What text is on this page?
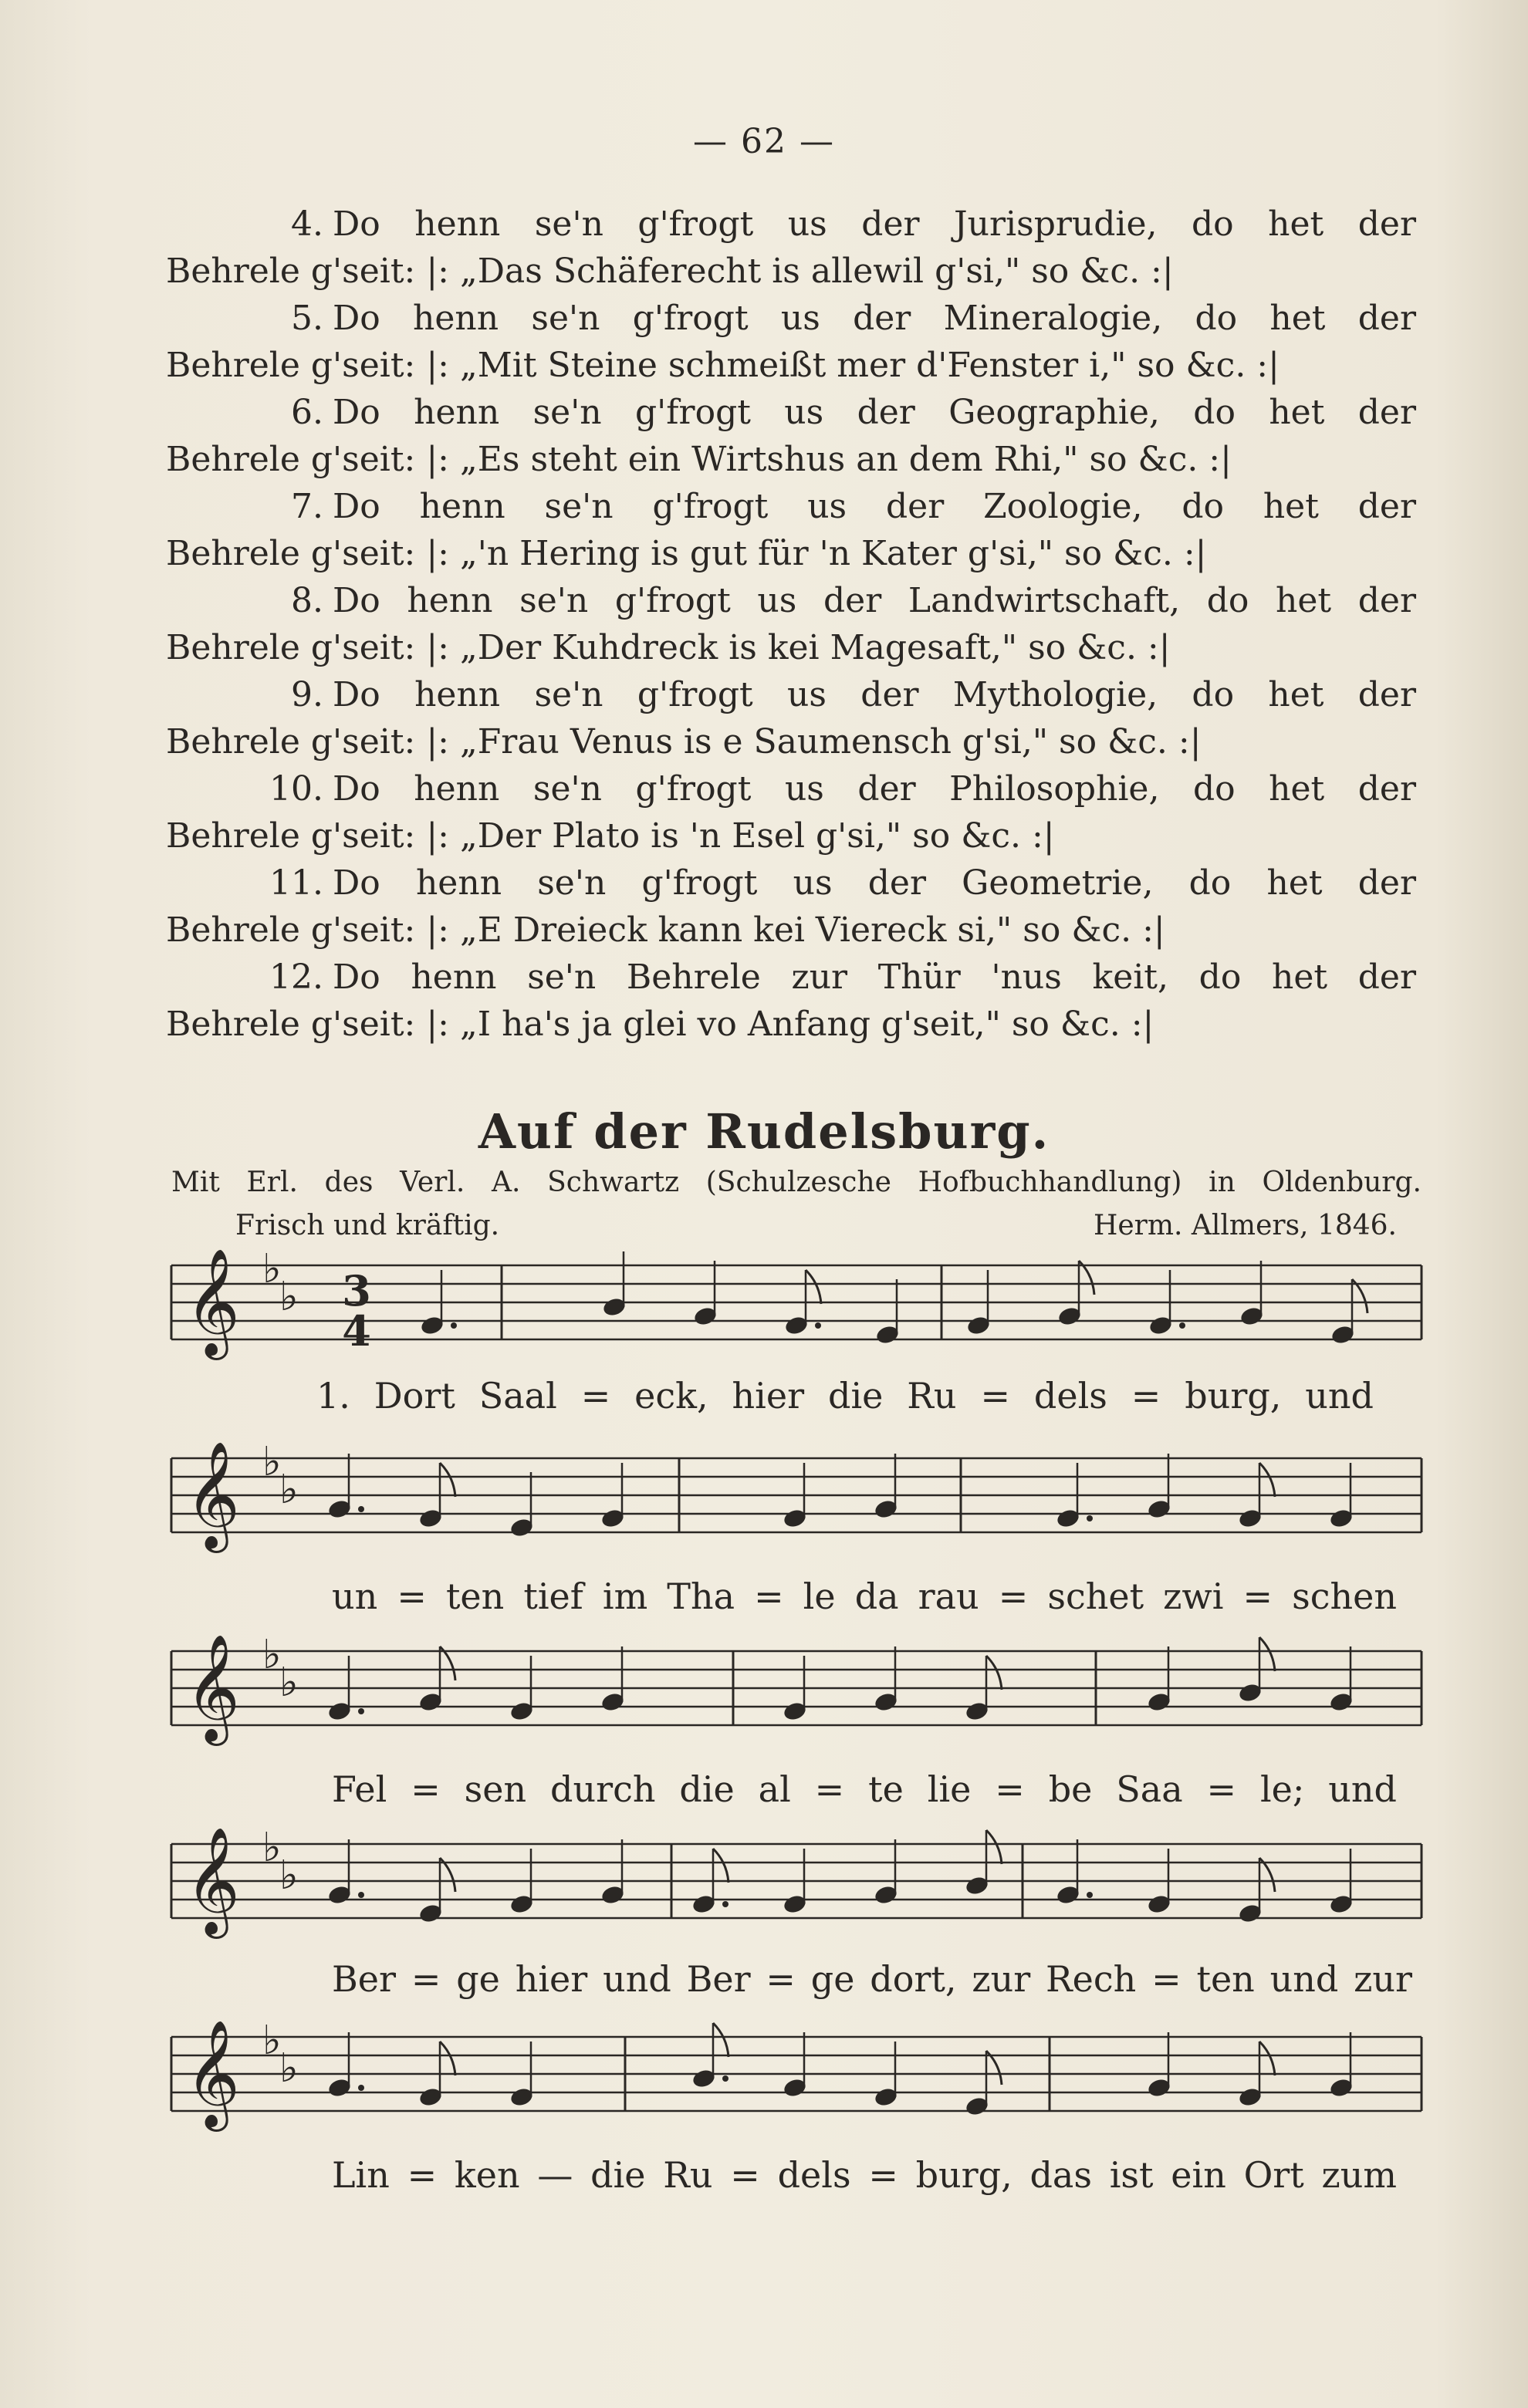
— 62 —
4. Do henn se'n g'frogt us der Jurisprudie, do het der
Behrele g'seit: |: „Das Schäferecht is allewil g'si," so &c. :|
5. Do henn se'n g'frogt us der Mineralogie, do het der
Behrele g'seit: |: „Mit Steine schmeißt mer d'Fenster i," so &c. :|
6. Do henn se'n g'frogt us der Geographie, do het der
Behrele g'seit: |: „Es steht ein Wirtshus an dem Rhi," so &c. :|
7. Do henn se'n g'frogt us der Zoologie, do het der
Behrele g'seit: |: „'n Hering is gut für 'n Kater g'si," so &c. :|
8. Do henn se'n g'frogt us der Landwirtschaft, do het der
Behrele g'seit: |: „Der Kuhdreck is kei Magesaft," so &c. :|
9. Do henn se'n g'frogt us der Mythologie, do het der
Behrele g'seit: |: „Frau Venus is e Saumensch g'si," so &c. :|
10. Do henn se'n g'frogt us der Philosophie, do het der
Behrele g'seit: |: „Der Plato is 'n Esel g'si," so &c. :|
11. Do henn se'n g'frogt us der Geometrie, do het der
Behrele g'seit: |: „E Dreieck kann kei Viereck si," so &c. :|
12. Do henn se'n Behrele zur Thür 'nus keit, do het der
Behrele g'seit: |: „I ha's ja glei vo Anfang g'seit," so &c. :|
Auf der Rudelsburg.
Mit Erl. des Verl. A. Schwartz (Schulzesche Hofbuchhandlung) in Oldenburg.
Frisch und kräftig.	Herm. Allmers, 1846.
𝄞 ♭
♭
𝄞 ♭
♭
𝄞 ♭
♭
𝄞 ♭
♭
𝄞 ♭
♭
3
4
1. Dort Saal = eck, hier die Ru = dels = burg, und
un = ten tief im Tha = le da rau = schet zwi = schen
Fel = sen durch die al = te lie = be Saa = le; und
Ber = ge hier und Ber = ge dort, zur Rech = ten und zur
Lin = ken — die Ru = dels = burg, das ist ein Ort zum
